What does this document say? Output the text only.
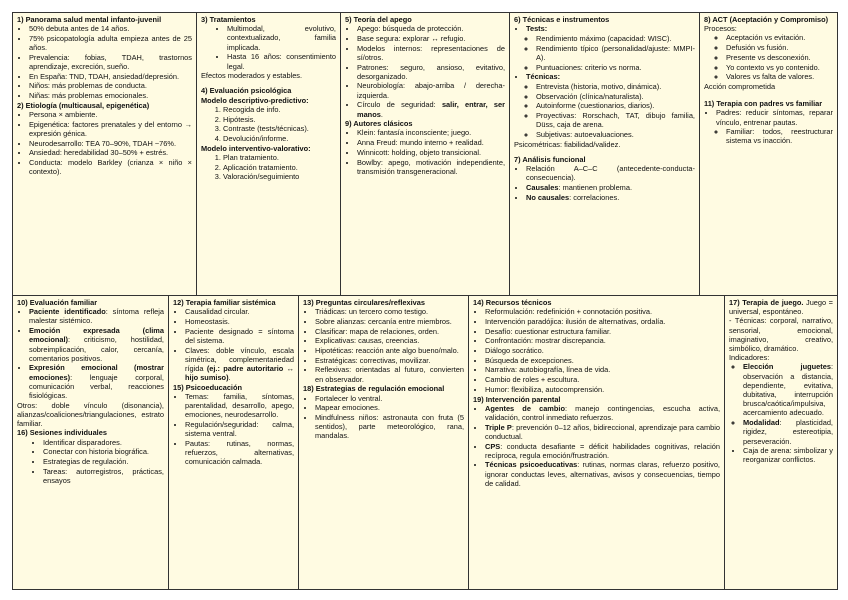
1) Panorama salud mental infanto-juvenil
• 50% debuta antes de 14 años.
• 75% psicopatología adulta empieza antes de 25 años.
• Prevalencia: fobias, TDAH, trastornos aprendizaje, excreción, sueño.
• En España: TND, TDAH, ansiedad/depresión.
• Niños: más problemas de conducta.
• Niñas: más problemas emocionales.
2) Etiología (multicausal, epigenética)
• Persona × ambiente.
• Epigenética: factores prenatales y del entorno → expresión génica.
• Neurodesarrollo: TEA 70–90%, TDAH ~76%.
• Ansiedad: heredabilidad 30–50% + estrés.
• Conducta: modelo Barkley (crianza × niño × contexto).
3) Tratamientos
• Multimodal, evolutivo, contextualizado, familia implicada.
• Hasta 16 años: consentimiento legal.
Efectos moderados y estables.
4) Evaluación psicológica
Modelo descriptivo-predictivo:
1. Recogida de info.
2. Hipótesis.
3. Contraste (tests/técnicas).
4. Devolución/informe.
Modelo interventivo-valorativo:
1. Plan tratamiento.
2. Aplicación tratamiento.
3. Valoración/seguimiento
5) Teoría del apego
• Apego: búsqueda de protección.
• Base segura: explorar ↔ refugio.
• Modelos internos: representaciones de sí/otros.
• Patrones: seguro, ansioso, evitativo, desorganizado.
• Neurobiología: abajo-arriba / derecha-izquierda.
• Círculo de seguridad: salir, entrar, ser manos.
9) Autores clásicos
• Klein: fantasía inconsciente; juego.
• Anna Freud: mundo interno + realidad.
• Winnicott: holding, objeto transicional.
• Bowlby: apego, motivación independiente, transmisión transgeneracional.
6) Técnicas e instrumentos
• Tests:
◦ Rendimiento máximo (capacidad: WISC).
◦ Rendimiento típico (personalidad/ajuste: MMPI-A).
◦ Puntuaciones: criterio vs norma.
• Técnicas:
◦ Entrevista (historia, motivo, dinámica).
◦ Observación (clínica/naturalista).
◦ Autoinforme (cuestionarios, diarios).
◦ Proyectivas: Rorschach, TAT, dibujo familia, Düss, caja de arena.
◦ Subjetivas: autoevaluaciones.
Psicométricas: fiabilidad/validez.
7) Análisis funcional
• Relación A–C–C (antecedente-conducta-consecuencia).
• Causales: mantienen problema.
• No causales: correlaciones.
8) ACT (Aceptación y Compromiso)
Procesos:
◦ Aceptación vs evitación.
◦ Defusión vs fusión.
◦ Presente vs desconexión.
◦ Yo contexto vs yo contenido.
◦ Valores vs falta de valores.
Acción comprometida
11) Terapia con padres vs familiar
• Padres: reducir síntomas, reparar vínculo, entrenar pautas.
◦ Familiar: todos, reestructurar sistema vs inacción.
10) Evaluación familiar
• Paciente identificado: síntoma refleja malestar sistémico.
• Emoción expresada (clima emocional): criticismo, hostilidad, sobreimplicación, calor, cercanía, comentarios positivos.
• Expresión emocional (mostrar emociones): lenguaje corporal, comunicación verbal, reacciones fisiológicas.
Otros: doble vínculo (disonancia), alianzas/coaliciones/triangulaciones, estrato familiar.
16) Sesiones individuales
• Identificar disparadores.
• Conectar con historia biográfica.
• Estrategias de regulación.
• Tareas: autorregistros, prácticas, ensayos
12) Terapia familiar sistémica
• Causalidad circular.
• Homeostasis.
• Paciente designado = síntoma del sistema.
• Claves: doble vínculo, escala simétrica, complementariedad rígida (ej.: padre autoritario ↔ hijo sumiso).
15) Psicoeducación
• Temas: familia, síntomas, parentalidad, desarrollo, apego, emociones, neurodesarrollo.
• Regulación/seguridad: calma, sistema ventral.
• Pautas: rutinas, normas, refuerzos, alternativas, comunicación calmada.
13) Preguntas circulares/reflexivas
• Triádicas: un tercero como testigo.
• Sobre alianzas: cercanía entre miembros.
• Clasificar: mapa de relaciones, orden.
• Explicativas: causas, creencias.
• Hipotéticas: reacción ante algo bueno/malo.
• Estratégicas: correctivas, movilizar.
• Reflexivas: orientadas al futuro, convierten en observador.
18) Estrategias de regulación emocional
• Fortalecer lo ventral.
• Mapear emociones.
• Mindfulness niños: astronauta con fruta (5 sentidos), parte meteorológico, rana, mandalas.
14) Recursos técnicos
• Reformulación: redefinición + connotación positiva.
• Intervención paradójica: ilusión de alternativas, ordalía.
• Desafío: cuestionar estructura familiar.
• Confrontación: mostrar discrepancia.
• Diálogo socrático.
• Búsqueda de excepciones.
• Narrativa: autobiografía, línea de vida.
• Cambio de roles + escultura.
• Humor: flexibiliza, autocomprensión.
19) Intervención parental
• Agentes de cambio: manejo contingencias, escucha activa, validación, control inmediato refuerzos.
• Triple P: prevención 0–12 años, bidireccional, aprendizaje para cambio conductual.
• CPS: conducta desafiante = déficit habilidades cognitivas, relación recíproca, regula emoción/frustración.
• Técnicas psicoeducativas: rutinas, normas claras, refuerzo positivo, ignorar conductas leves, alternativas, avisos y consecuencias, tiempo de calidad.
17) Terapia de juego. Juego = universal, espontáneo.
- Técnicas: corporal, narrativo, sensorial, emocional, imaginativo, creativo, simbólico, dramático.
Indicadores:
◦ Elección juguetes: observación a distancia, dependiente, evitativa, dubitativa, interrupción brusca/caótica/impulsiva, acercamiento adecuado.
◦ Modalidad: plasticidad, rigidez, estereotipia, perseveración.
• Caja de arena: simbolizar y reorganizar conflictos.
